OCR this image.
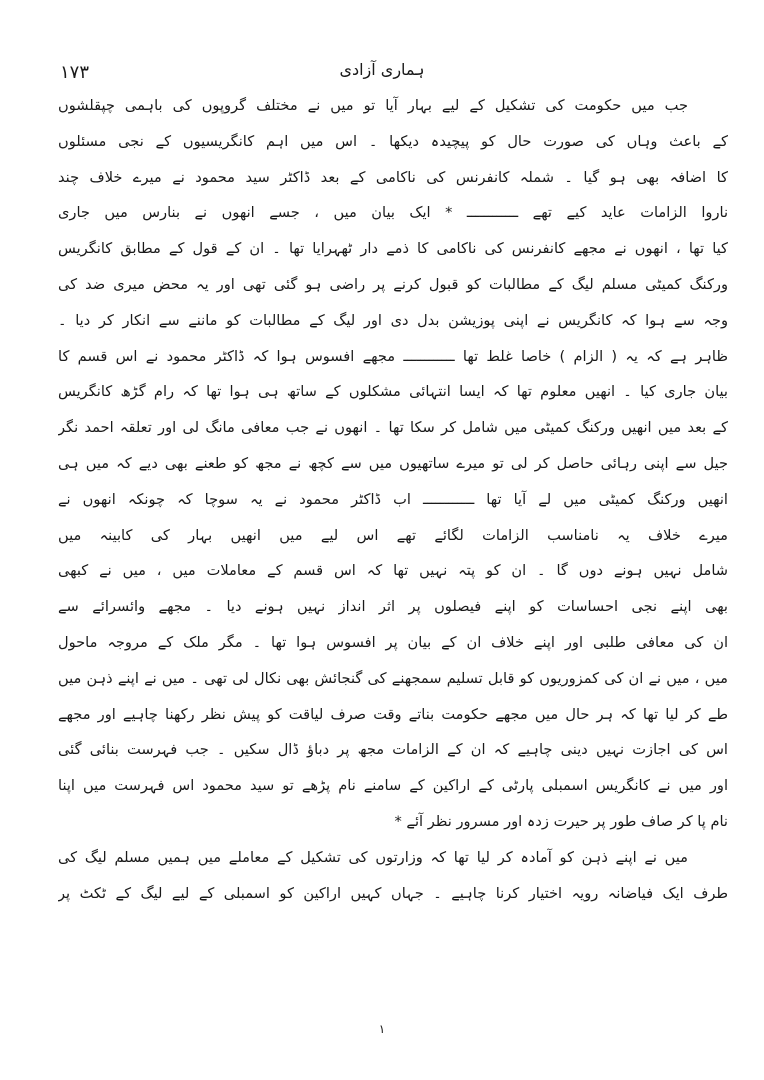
۱۷۳	ہماری آزادی
جب میں حکومت کی تشکیل کے لیے بہار آیا تو میں نے مختلف گروپوں کی باہمی چپقلشوں
کے باعث وہاں کی صورت حال کو پیچیدہ دیکھا ۔ اس میں اہم کانگریسیوں کے نجی مسئلوں
کا اضافہ بھی ہو گیا ۔ شملہ کانفرنس کی ناکامی کے بعد ڈاکٹر سید محمود نے میرے خلاف چند
ناروا الزامات عاید کیے تھے ــــــــــــ * ایک بیان میں ، جسے انھوں نے بنارس میں جاری
کیا تھا ، انھوں نے مجھے کانفرنس کی ناکامی کا ذمے دار ٹھہرایا تھا ۔ ان کے قول کے مطابق کانگریس
ورکنگ کمیٹی مسلم لیگ کے مطالبات کو قبول کرنے پر راضی ہو گئی تھی اور یہ محض میری ضد کی
وجہ سے ہوا کہ کانگریس نے اپنی پوزیشن بدل دی اور لیگ کے مطالبات کو ماننے سے انکار کر دیا ۔
ظاہر ہے کہ یہ ( الزام ) خاصا غلط تھا ــــــــــــ مجھے افسوس ہوا کہ ڈاکٹر محمود نے اس قسم کا
بیان جاری کیا ۔ انھیں معلوم تھا کہ ایسا انتہائی مشکلوں کے ساتھ ہی ہوا تھا کہ رام گڑھ کانگریس
کے بعد میں انھیں ورکنگ کمیٹی میں شامل کر سکا تھا ۔ انھوں نے جب معافی مانگ لی اور تعلقہ احمد نگر
جیل سے اپنی رہائی حاصل کر لی تو میرے ساتھیوں میں سے کچھ نے مجھ کو طعنے بھی دیے کہ میں ہی
انھیں ورکنگ کمیٹی میں لے آیا تھا ــــــــــــ اب ڈاکٹر محمود نے یہ سوچا کہ چونکہ انھوں نے
میرے خلاف یہ نامناسب الزامات لگائے تھے اس لیے میں انھیں بہار کی کابینہ میں
شامل نہیں ہونے دوں گا ۔ ان کو پتہ نہیں تھا کہ اس قسم کے معاملات میں ، میں نے کبھی
بھی اپنے نجی احساسات کو اپنے فیصلوں پر اثر انداز نہیں ہونے دیا ۔ مجھے وائسرائے سے
ان کی معافی طلبی اور اپنے خلاف ان کے بیان پر افسوس ہوا تھا ۔ مگر ملک کے مروجہ ماحول
میں ، میں نے ان کی کمزوریوں کو قابل تسلیم سمجھنے کی گنجائش بھی نکال لی تھی ۔ میں نے اپنے ذہن میں
طے کر لیا تھا کہ ہر حال میں مجھے حکومت بناتے وقت صرف لیاقت کو پیش نظر رکھنا چاہیے اور مجھے
اس کی اجازت نہیں دینی چاہیے کہ ان کے الزامات مجھ پر دباؤ ڈال سکیں ۔ جب فہرست بنائی گئی
اور میں نے کانگریس اسمبلی پارٹی کے اراکین کے سامنے نام پڑھے تو سید محمود اس فہرست میں اپنا
نام پا کر صاف طور پر حیرت زدہ اور مسرور نظر آئے *
میں نے اپنے ذہن کو آمادہ کر لیا تھا کہ وزارتوں کی تشکیل کے معاملے میں ہمیں مسلم لیگ کی
طرف ایک فیاضانہ رویہ اختیار کرنا چاہیے ۔ جہاں کہیں اراکین کو اسمبلی کے لیے لیگ کے ٹکٹ پر
۱
